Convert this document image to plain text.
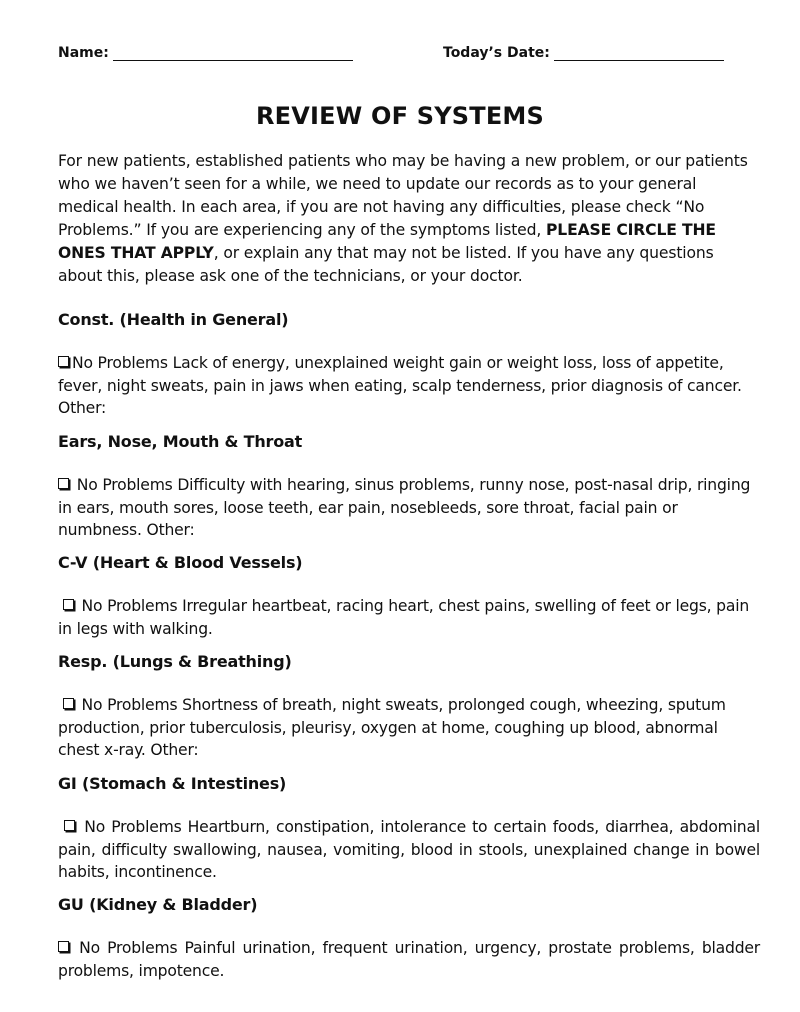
Name :	Today’s Date :
REVIEW OF SYSTEMS
For new patients, established patients who may be having a new problem, or our patients who we haven’t seen for a while, we need to update our records as to your general medical health. In each area, if you are not having any difficulties, please check “No Problems.” If you are experiencing any of the symptoms listed, PLEASE CIRCLE THE ONES THAT APPLY, or explain any that may not be listed. If you have any questions about this, please ask one of the technicians, or your doctor.
Const. (Health in General)
No Problems Lack of energy, unexplained weight gain or weight loss, loss of appetite, fever, night sweats, pain in jaws when eating, scalp tenderness, prior diagnosis of cancer. Other:
Ears, Nose, Mouth & Throat
No Problems Difficulty with hearing, sinus problems, runny nose, post-nasal drip, ringing in ears, mouth sores, loose teeth, ear pain, nosebleeds, sore throat, facial pain or numbness. Other:
C-V (Heart & Blood Vessels)
No Problems Irregular heartbeat, racing heart, chest pains, swelling of feet or legs, pain in legs with walking.
Resp. (Lungs & Breathing)
No Problems Shortness of breath, night sweats, prolonged cough, wheezing, sputum production, prior tuberculosis, pleurisy, oxygen at home, coughing up blood, abnormal chest x-ray. Other:
GI (Stomach & Intestines)
No Problems Heartburn, constipation, intolerance to certain foods, diarrhea, abdominal pain, difficulty swallowing, nausea, vomiting, blood in stools, unexplained change in bowel habits, incontinence.
GU (Kidney & Bladder)
No Problems Painful urination, frequent urination, urgency, prostate problems, bladder problems, impotence.
